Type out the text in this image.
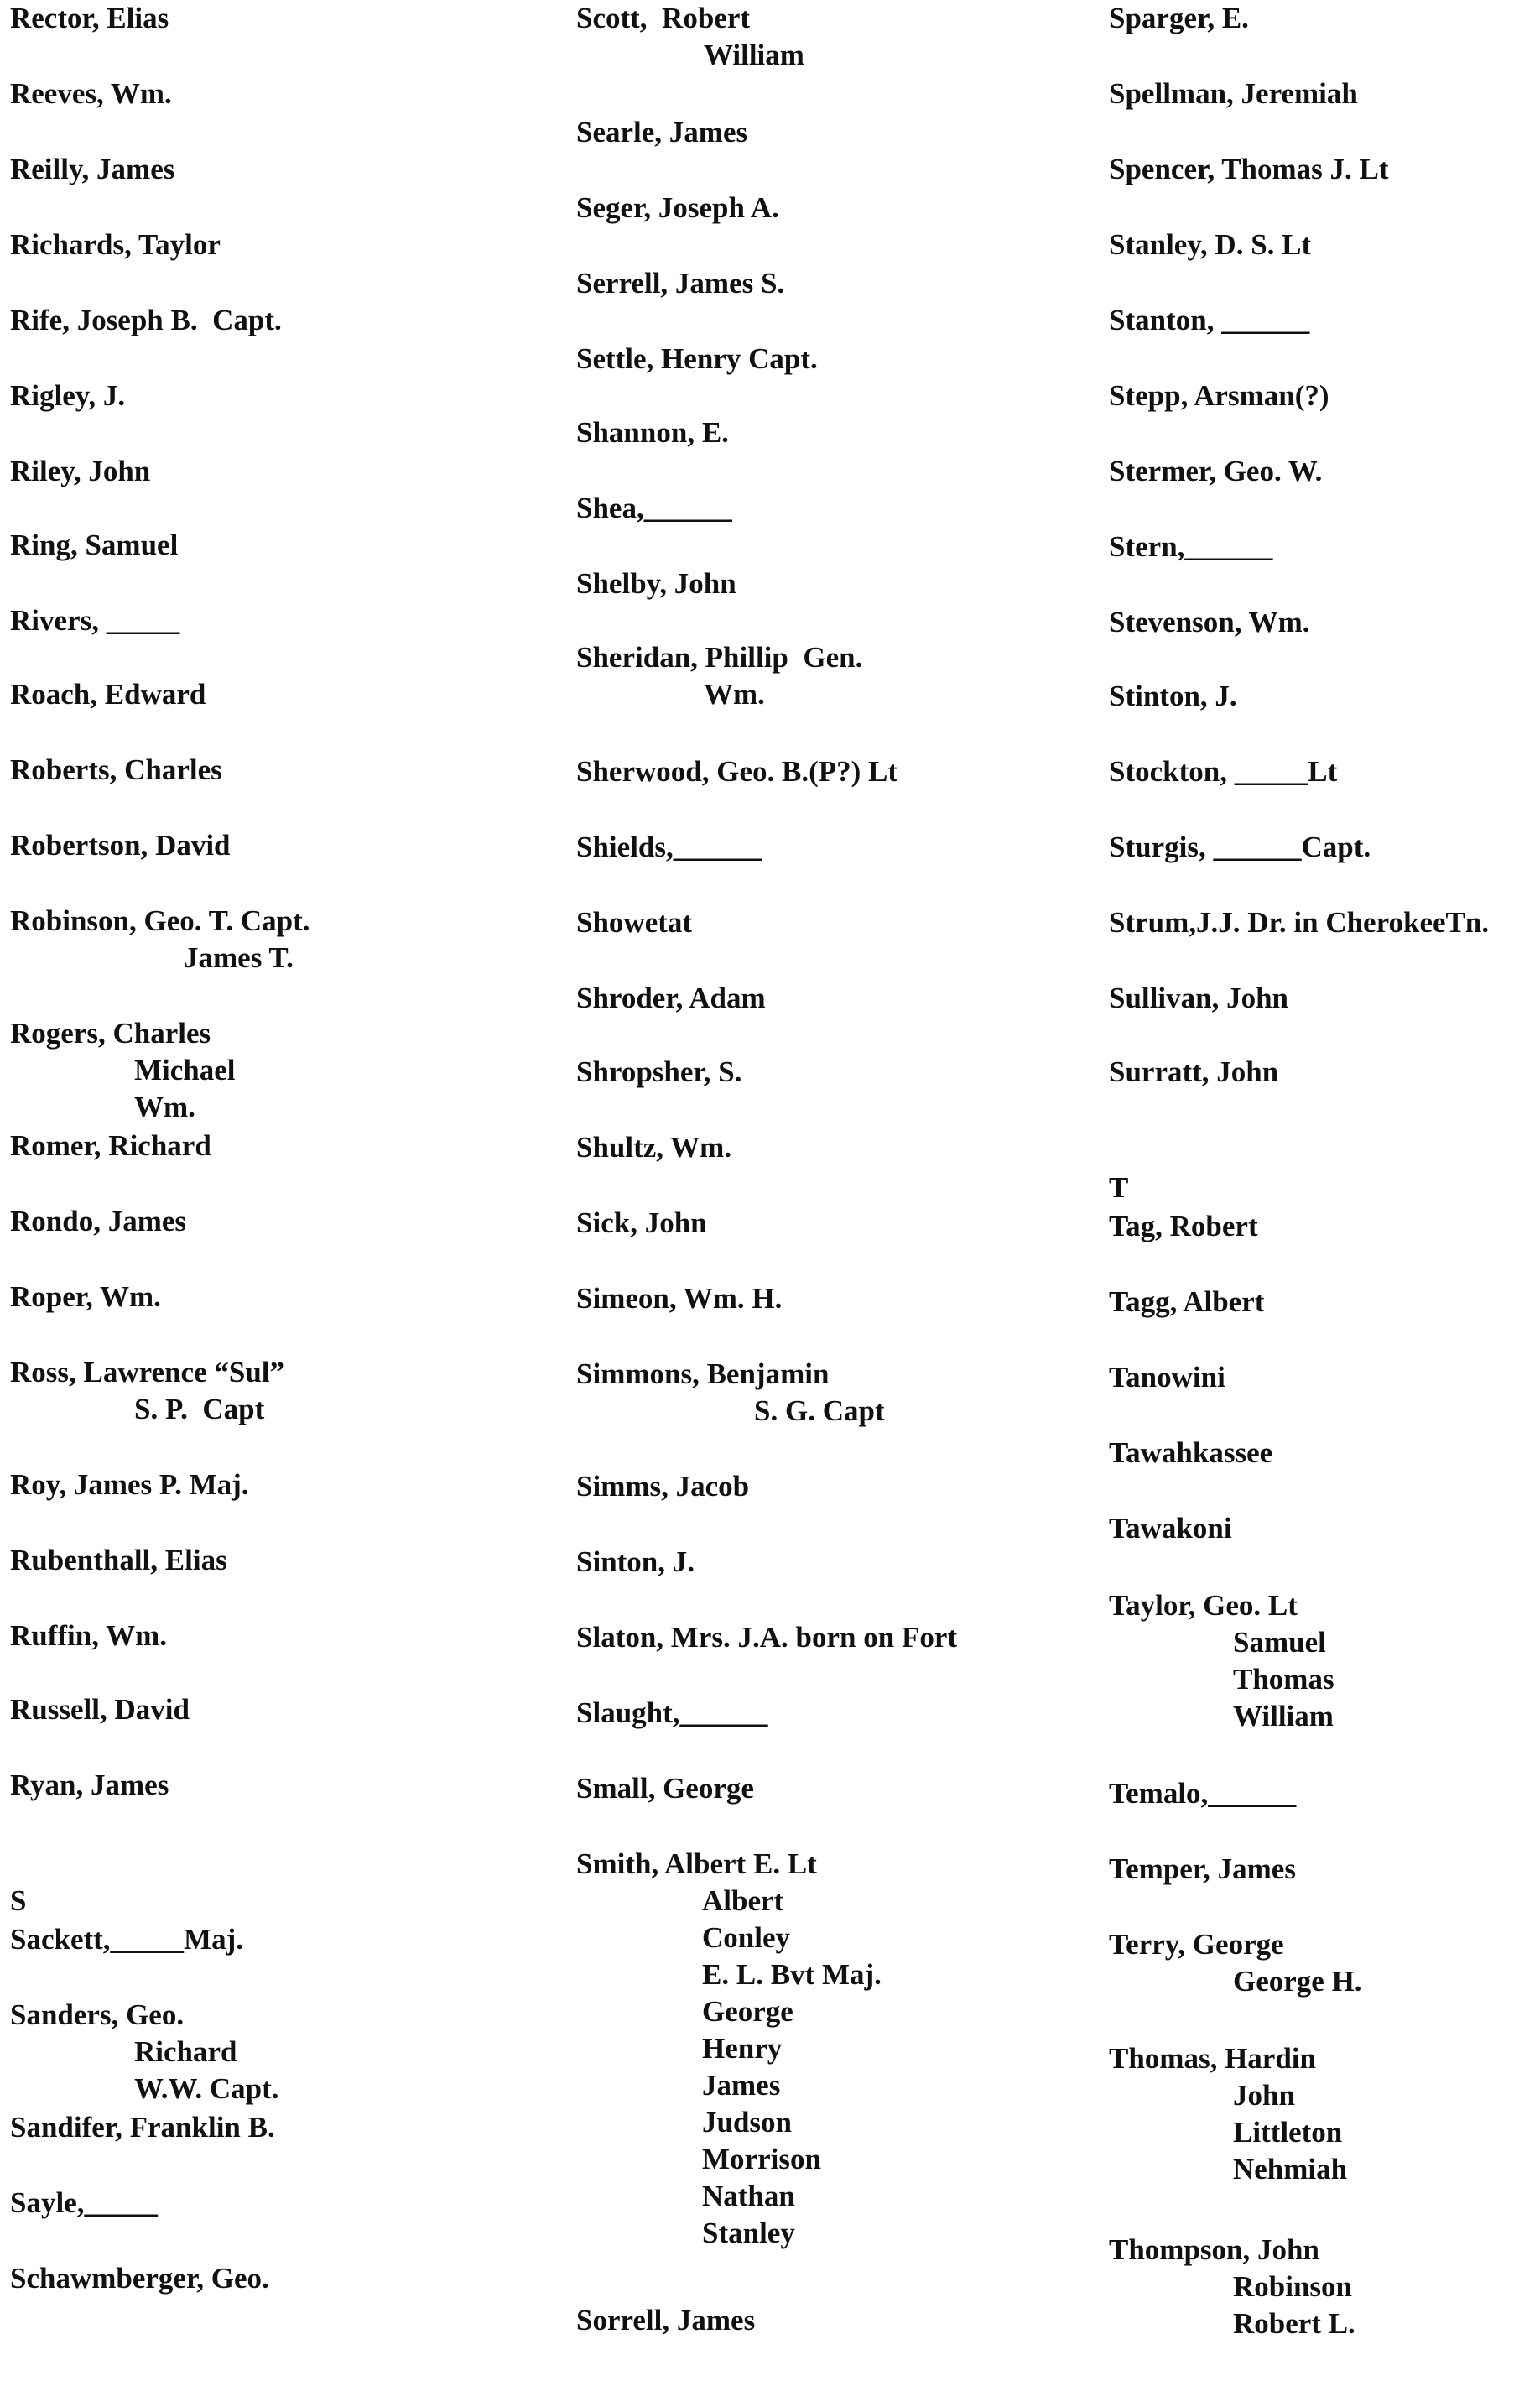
Rector, Elias
Reeves, Wm.
Reilly, James
Richards, Taylor
Rife, Joseph B.  Capt.
Rigley, J.
Riley, John
Ring, Samuel
Rivers, _____
Roach, Edward
Roberts, Charles
Robertson, David
Robinson, Geo. T. Capt.
James T.
Rogers, Charles
Michael
Wm.
Romer, Richard
Rondo, James
Roper, Wm.
Ross, Lawrence “Sul”
S. P.  Capt
Roy, James P. Maj.
Rubenthall, Elias
Ruffin, Wm.
Russell, David
Ryan, James
S
Sackett,_____Maj.
Sanders, Geo.
Richard
W.W. Capt.
Sandifer, Franklin B.
Sayle,_____
Schawmberger, Geo.
Scott,  Robert
William
Searle, James
Seger, Joseph A.
Serrell, James S.
Settle, Henry Capt.
Shannon, E.
Shea,______
Shelby, John
Sheridan, Phillip  Gen.
Wm.
Sherwood, Geo. B.(P?) Lt
Shields,______
Showetat
Shroder, Adam
Shropsher, S.
Shultz, Wm.
Sick, John
Simeon, Wm. H.
Simmons, Benjamin
S. G. Capt
Simms, Jacob
Sinton, J.
Slaton, Mrs. J.A. born on Fort
Slaught,______
Small, George
Smith, Albert E. Lt
Albert
Conley
E. L. Bvt Maj.
George
Henry
James
Judson
Morrison
Nathan
Stanley
Sorrell, James
Sparger, E.
Spellman, Jeremiah
Spencer, Thomas J. Lt
Stanley, D. S. Lt
Stanton, ______
Stepp, Arsman(?)
Stermer, Geo. W.
Stern,______
Stevenson, Wm.
Stinton, J.
Stockton, _____Lt
Sturgis, ______Capt.
Strum,J.J. Dr. in CherokeeTn.
Sullivan, John
Surratt, John
T
Tag, Robert
Tagg, Albert
Tanowini
Tawahkassee
Tawakoni
Taylor, Geo. Lt
Samuel
Thomas
William
Temalo,______
Temper, James
Terry, George
George H.
Thomas, Hardin
John
Littleton
Nehmiah
Thompson, John
Robinson
Robert L.
